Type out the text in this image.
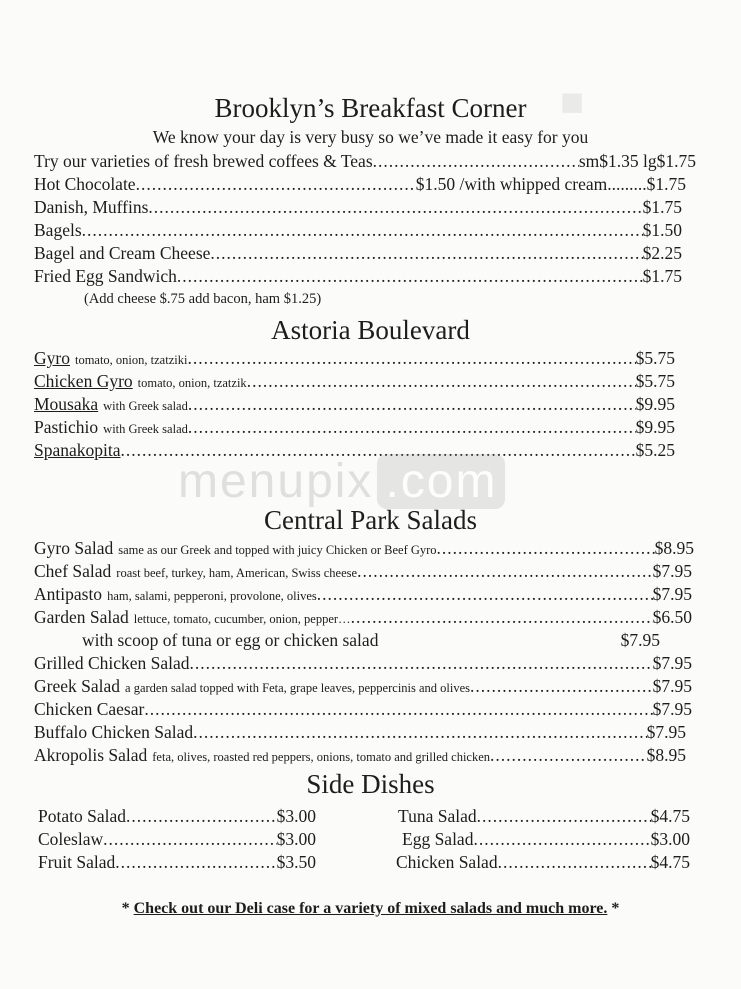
■
Brooklyn’s Breakfast Corner
We know your day is very busy so we’ve made it easy for you
Try our varieties of fresh brewed coffees & Teas .....	sm$1.35 lg$1.75
Hot Chocolate .....	$1.50 /with whipped cream.........$1.75
Danish, Muffins .....	$1.75
Bagels .....	$1.50
Bagel and Cream Cheese .....	$2.25
Fried Egg Sandwich .....	$1.75
(Add cheese $.75 add bacon, ham $1.25)
Astoria Boulevard
Gyro tomato, onion, tzatziki .....	$5.75
Chicken Gyro tomato, onion, tzatzik .....	$5.75
Mousaka with Greek salad .....	$9.95
Pastichio with Greek salad .....	$9.95
Spanakopita .....	$5.25
menupix .com
Central Park Salads
Gyro Salad same as our Greek and topped with juicy Chicken or Beef Gyro .....	$8.95
Chef Salad roast beef, turkey, ham, American, Swiss cheese .....	$7.95
Antipasto ham, salami, pepperoni, provolone, olives .....	$7.95
Garden Salad lettuce, tomato, cucumber, onion, pepper… .....	$6.50
with scoop of tuna or egg or chicken salad	$7.95
Grilled Chicken Salad .....	$7.95
Greek Salad a garden salad topped with Feta, grape leaves, peppercinis and olives .....	$7.95
Chicken Caesar .....	$7.95
Buffalo Chicken Salad .....	$7.95
Akropolis Salad feta, olives, roasted red peppers, onions, tomato and grilled chicken .....	$8.95
Side Dishes
Potato Salad .....	$3.00
Coleslaw .....	$3.00
Fruit Salad .....	$3.50
Tuna Salad .....	$4.75
Egg Salad .....	$3.00
Chicken Salad .....	$4.75
* Check out our Deli case for a variety of mixed salads and much more. *
